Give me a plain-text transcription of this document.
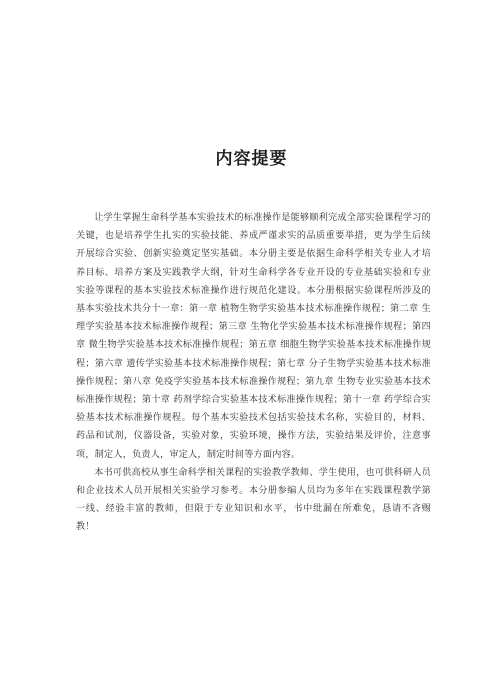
内容提要

让学生掌握生命科学基本实验技术的标准操作是能够顺利完成全部实验课程学习的关键，也是培养学生扎实的实验技能、养成严谨求实的品质重要举措，更为学生后续开展综合实验、创新实验奠定坚实基础。本分册主要是依据生命科学相关专业人才培养目标、培养方案及实践教学大纲，针对生命科学各专业开设的专业基础实验和专业实验等课程的基本实验技术标准操作进行规范化建设。本分册根据实验课程所涉及的基本实验技术共分十一章：第一章 植物生物学实验基本技术标准操作规程；第二章 生理学实验基本技术标准操作规程；第三章 生物化学实验基本技术标准操作规程；第四章 微生物学实验基本技术标准操作规程；第五章 细胞生物学实验基本技术标准操作规程；第六章 遗传学实验基本技术标准操作规程；第七章 分子生物学实验基本技术标准操作规程；第八章 免疫学实验基本技术标准操作规程；第九章 生物专业实验基本技术标准操作规程；第十章 药剂学综合实验基本技术标准操作规程；第十一章 药学综合实验基本技术标准操作规程。每个基本实验技术包括实验技术名称，实验目的，材料、药品和试剂，仪器设备，实验对象，实验环境，操作方法，实验结果及评价，注意事项，制定人，负责人，审定人，制定时间等方面内容。

本书可供高校从事生命科学相关课程的实验教学教师、学生使用，也可供科研人员和企业技术人员开展相关实验学习参考。本分册参编人员均为多年在实践课程教学第一线、经验丰富的教师，但限于专业知识和水平，书中纰漏在所难免，恳请不吝赐教！
